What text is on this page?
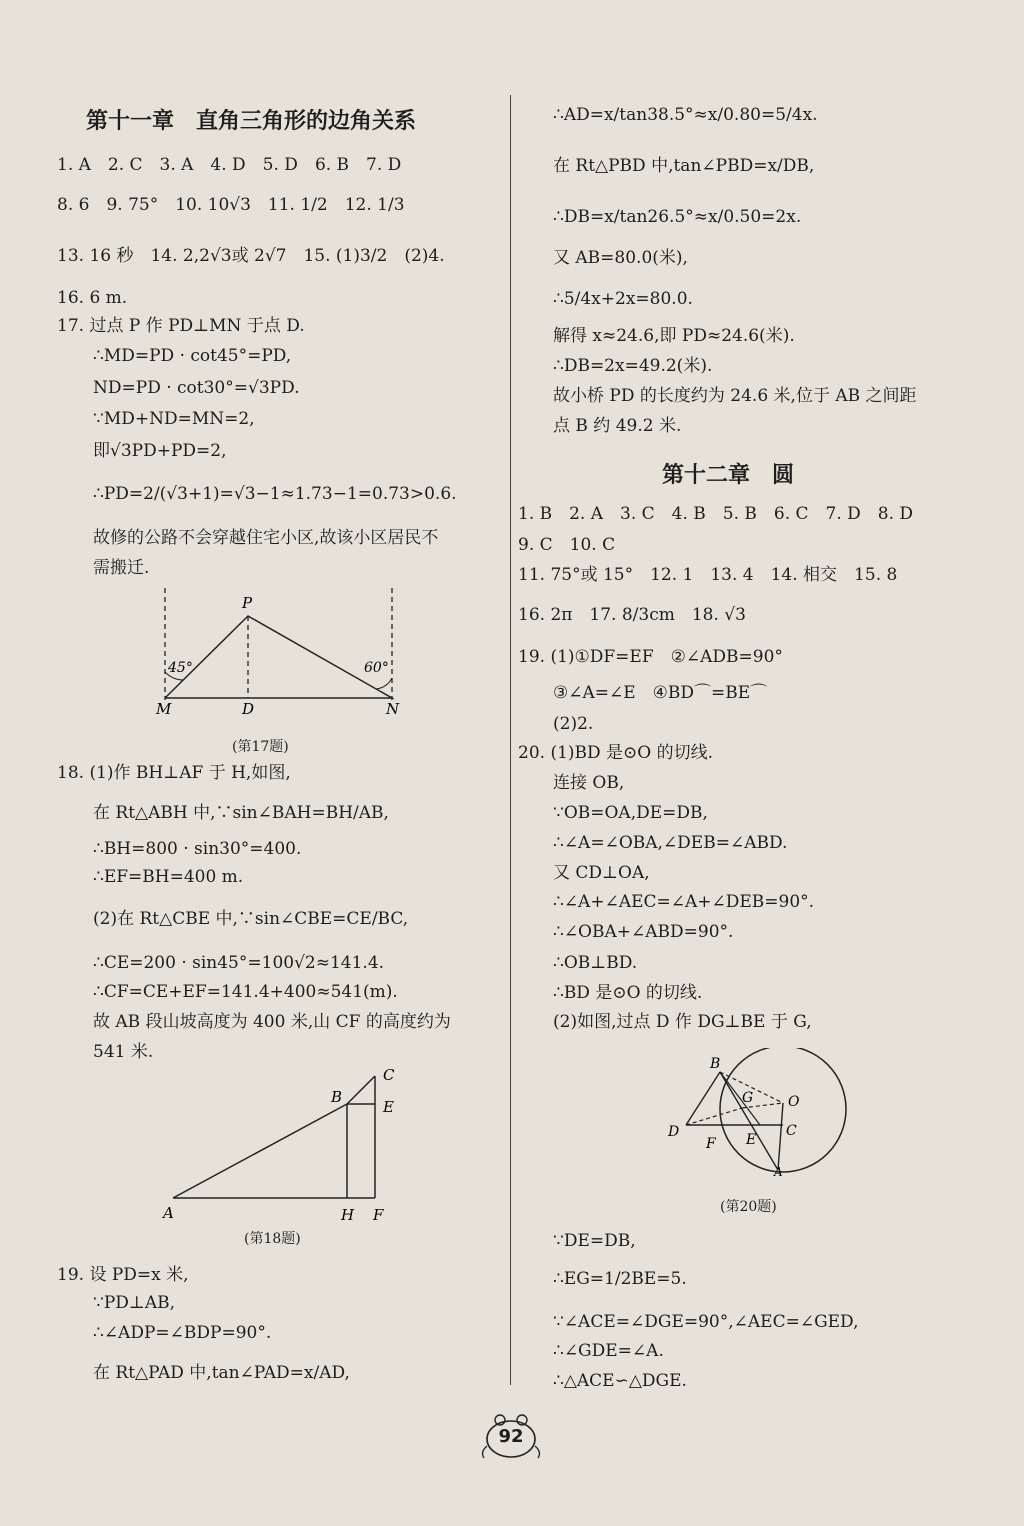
第十一章　直角三角形的边角关系
1. A　2. C　3. A　4. D　5. D　6. B　7. D
8. 6　9. 75°　10. 10√3　11. 1/2　12. 1/3
13. 16 秒　14. 2,2√3或 2√7　15. (1)3/2　(2)4.
16. 6 m.
17. 过点 P 作 PD⊥MN 于点 D.
∴MD=PD · cot45°=PD,
ND=PD · cot30°=√3PD.
∵MD+ND=MN=2,
即√3PD+PD=2,
∴PD=2/(√3+1)=√3−1≈1.73−1=0.73>0.6.
故修的公路不会穿越住宅小区,故该小区居民不
需搬迁.
P
M	D	N
45°	60°
(第17题)
18. (1)作 BH⊥AF 于 H,如图,
在 Rt△ABH 中,∵sin∠BAH=BH/AB,
∴BH=800 · sin30°=400.
∴EF=BH=400 m.
(2)在 Rt△CBE 中,∵sin∠CBE=CE/BC,
∴CE=200 · sin45°=100√2≈141.4.
∴CF=CE+EF=141.4+400≈541(m).
故 AB 段山坡高度为 400 米,山 CF 的高度约为
541 米.
A
B
C
E
H F
(第18题)
19. 设 PD=x 米,
∵PD⊥AB,
∴∠ADP=∠BDP=90°.
在 Rt△PAD 中,tan∠PAD=x/AD,
∴AD=x/tan38.5°≈x/0.80=5/4x.
在 Rt△PBD 中,tan∠PBD=x/DB,
∴DB=x/tan26.5°≈x/0.50=2x.
又 AB=80.0(米),
∴5/4x+2x=80.0.
解得 x≈24.6,即 PD≈24.6(米).
∴DB=2x=49.2(米).
故小桥 PD 的长度约为 24.6 米,位于 AB 之间距
点 B 约 49.2 米.
第十二章　圆
1. B　2. A　3. C　4. B　5. B　6. C　7. D　8. D
9. C　10. C
11. 75°或 15°　12. 1　13. 4　14. 相交　15. 8
16. 2π　17. 8/3cm　18. √3
19. (1)①DF=EF　②∠ADB=90°
③∠A=∠E　④BD⌒=BE⌒
(2)2.
20. (1)BD 是⊙O 的切线.
连接 OB,
∵OB=OA,DE=DB,
∴∠A=∠OBA,∠DEB=∠ABD.
又 CD⊥OA,
∴∠A+∠AEC=∠A+∠DEB=90°.
∴∠OBA+∠ABD=90°.
∴OB⊥BD.
∴BD 是⊙O 的切线.
(2)如图,过点 D 作 DG⊥BE 于 G,
B
G O
D
F E
C
A
(第20题)
∵DE=DB,
∴EG=1/2BE=5.
∵∠ACE=∠DGE=90°,∠AEC=∠GED,
∴∠GDE=∠A.
∴△ACE∽△DGE.
92
